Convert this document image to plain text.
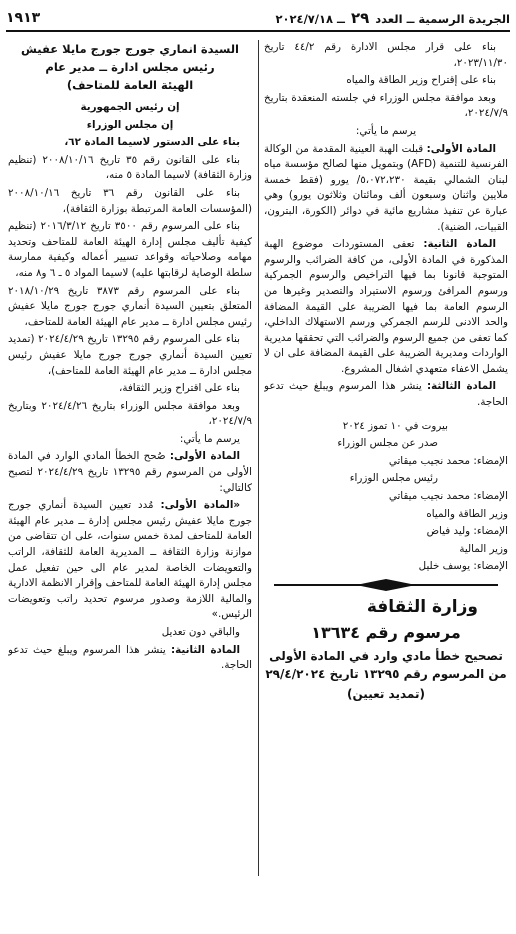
الجريدة الرسمية ــ العدد ٢٩ ــ ٢٠٢٤/٧/١٨
١٩١٣

بناء على قرار مجلس الادارة رقم ٤٤/٢ تاريخ ٢٠٢٣/١١/٣٠،

بناء على إقتراح وزير الطاقة والمياه

وبعد موافقة مجلس الوزراء في جلسته المنعقدة بتاريخ ٢٠٢٤/٧/٩،

يرسم ما يأتي:

المادة الأولى: قبلت الهبة العينية المقدمة من الوكالة الفرنسية للتنمية (AFD) وبتمويل منها لصالح مؤسسة مياه لبنان الشمالي بقيمة ٥،٠٧٢،٢٣٠/ يورو (فقط خمسة ملايين واثنان وسبعون ألف ومائتان وثلاثون يورو) وهي عبارة عن تنفيذ مشاريع مائية في دوائر (الكورة، البترون، القبيات، الضنية).

المادة الثانية: تعفى المستوردات موضوع الهبة المذكورة في المادة الأولى، من كافة الضرائب والرسوم المتوجبة قانونا بما فيها التراخيص والرسوم الجمركية ورسوم المرافئ ورسوم الاستيراد والتصدير وغيرها من الرسوم العامة بما فيها الضريبة على القيمة المضافة والحد الادنى للرسم الجمركي ورسم الاستهلاك الداخلي، كما تعفى من جميع الرسوم والضرائب التي تحققها مديرية الواردات ومديرية الضريبة على القيمة المضافة على ان لا يشمل الاعفاء متعهدي اشغال المشروع.

المادة الثالثة: ينشر هذا المرسوم ويبلغ حيث تدعو الحاجة.

بيروت في ١٠ تموز ٢٠٢٤

صدر عن مجلس الوزراء

الإمضاء: محمد نجيب ميقاتي

رئيس مجلس الوزراء

الإمضاء: محمد نجيب ميقاتي

وزير الطاقة والمياه

الإمضاء: وليد فياض

وزير المالية

الإمضاء: يوسف خليل

وزارة الثقافة

مرسوم رقم ١٣٦٣٤

تصحيح خطأ مادي وارد في المادة الأولى من المرسوم رقم ١٣٢٩٥ تاريخ ٢٩/٤/٢٠٢٤

(تمديد تعيين)

السيدة انماري جورج جورج مايلا عفيش

رئيس مجلس ادارة ــ مدير عام

الهيئة العامة للمتاحف)

إن رئيس الجمهورية

إن مجلس الوزراء

بناء على الدستور لاسيما المادة ٦٢،

بناء على القانون رقم ٣٥ تاريخ ٢٠٠٨/١٠/١٦ (تنظيم وزارة الثقافة) لاسيما المادة ٥ منه،

بناء على القانون رقم ٣٦ تاريخ ٢٠٠٨/١٠/١٦ (المؤسسات العامة المرتبطة بوزارة الثقافة)،

بناء على المرسوم رقم ٣٥٠٠ تاريخ ٢٠١٦/٣/١٢ (تنظيم كيفية تأليف مجلس إدارة الهيئة العامة للمتاحف وتحديد مهامه وصلاحياته وقواعد تسيير أعماله وكيفية ممارسة سلطة الوصاية لرقابتها عليه) لاسيما المواد ٥ ـ ٦ و٨ منه،

بناء على المرسوم رقم ٣٨٧٣ تاريخ ٢٠١٨/١٠/٢٩ المتعلق بتعيين السيدة أنماري جورج جورج مايلا عفيش رئيس مجلس ادارة ــ مدير عام الهيئة العامة للمتاحف،

بناء على المرسوم رقم ١٣٢٩٥ تاريخ ٢٠٢٤/٤/٢٩ (تمديد تعيين السيدة أنماري جورج جورج مايلا عفيش رئيس مجلس ادارة ــ مدير عام الهيئة العامة للمتاحف)،

بناء على اقتراح وزير الثقافة،

وبعد موافقة مجلس الوزراء بتاريخ ٢٠٢٤/٤/٢٦ وبتاريخ ٢٠٢٤/٧/٩،

يرسم ما يأتي:

المادة الأولى: صُحح الخطأ المادي الوارد في المادة الأولى من المرسوم رقم ١٣٢٩٥ تاريخ ٢٠٢٤/٤/٢٩ لتصبح كالتالي:

«المادة الأولى: مُدد تعيين السيدة أنماري جورج جورج مايلا عفيش رئيس مجلس إدارة ــ مدير عام الهيئة العامة للمتاحف لمدة خمس سنوات، على ان تتقاضى من موازنة وزارة الثقافة ــ المديرية العامة للثقافة، الراتب والتعويضات الخاصة لمدير عام الى حين تفعيل عمل مجلس إدارة الهيئة العامة للمتاحف وإقرار الانظمة الادارية والمالية اللازمة وصدور مرسوم تحديد راتب وتعويضات الرئيس.»

والباقي دون تعديل

المادة الثانية: ينشر هذا المرسوم ويبلغ حيث تدعو الحاجة.
